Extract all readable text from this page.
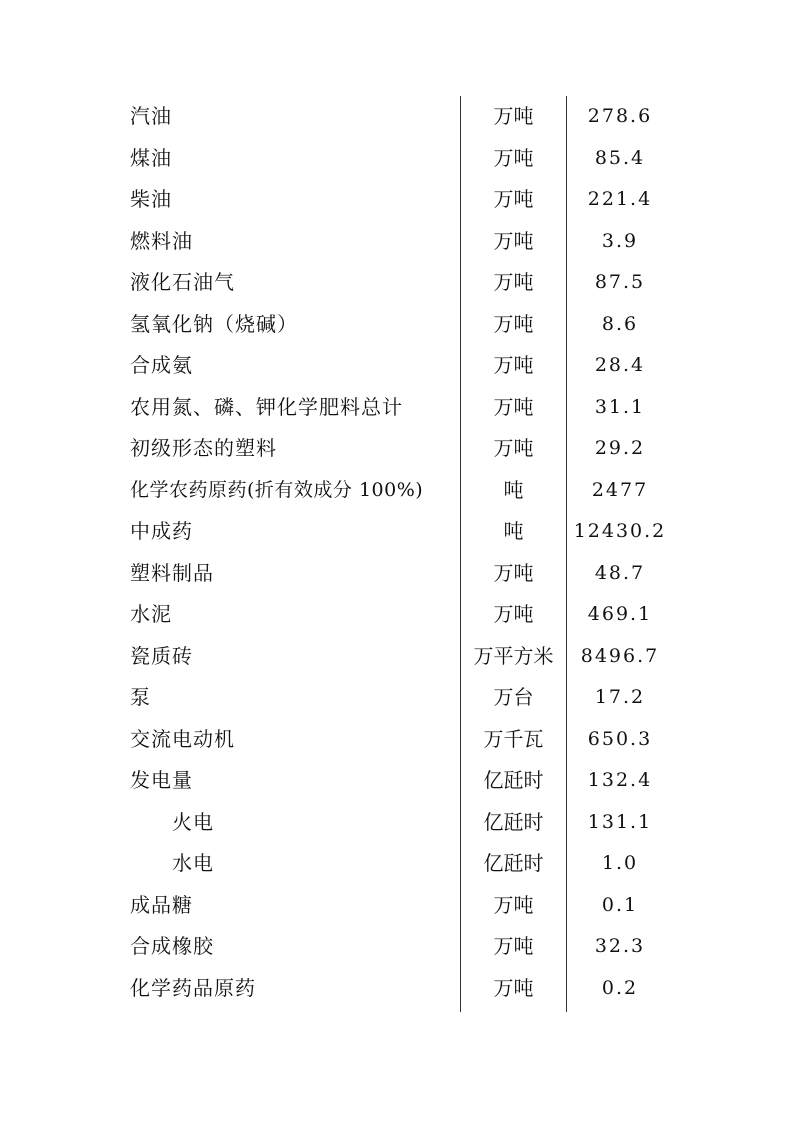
汽油	万吨	278.6
煤油	万吨	85.4
柴油	万吨	221.4
燃料油	万吨	3.9
液化石油气	万吨	87.5
氢氧化钠（烧碱）	万吨	8.6
合成氨	万吨	28.4
农用氮、磷、钾化学肥料总计	万吨	31.1
初级形态的塑料	万吨	29.2
化学农药原药(折有效成分 100%)	吨	2477
中成药	吨	12430.2
塑料制品	万吨	48.7
水泥	万吨	469.1
瓷质砖	万平方米	8496.7
泵	万台	17.2
交流电动机	万千瓦	650.3
发电量	亿瓩时	132.4
火电	亿瓩时	131.1
水电	亿瓩时	1.0
成品糖	万吨	0.1
合成橡胶	万吨	32.3
化学药品原药	万吨	0.2
